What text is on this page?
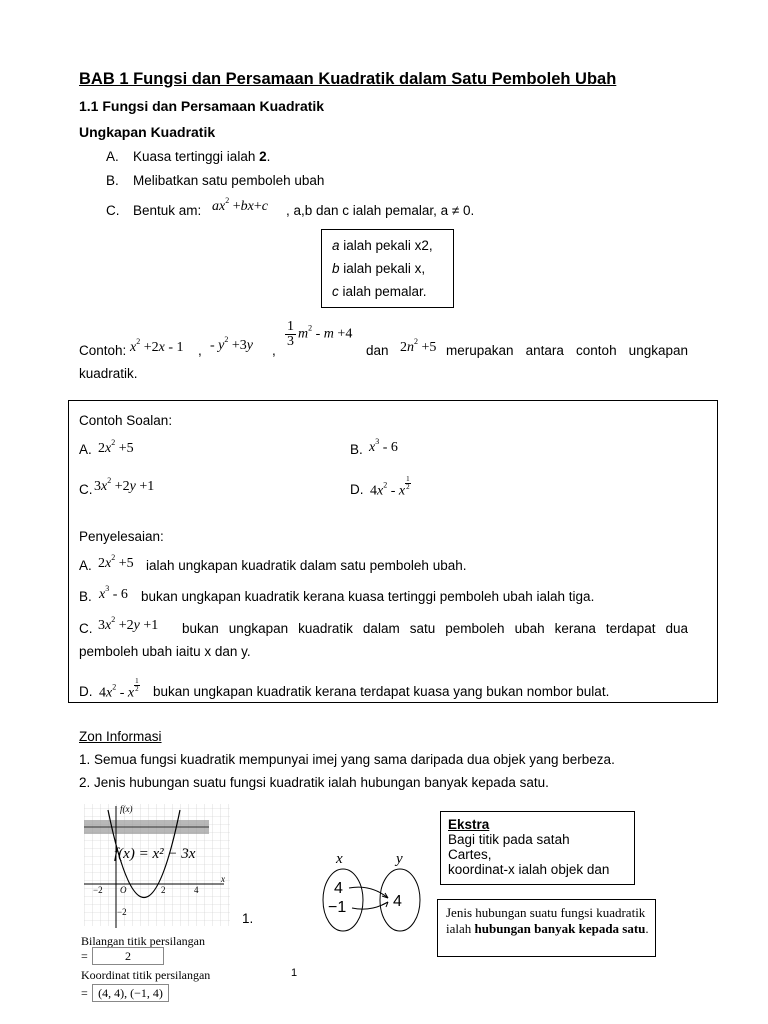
BAB 1 Fungsi dan Persamaan Kuadratik dalam Satu Pemboleh Ubah
1.1 Fungsi dan Persamaan Kuadratik
Ungkapan Kuadratik
A. Kuasa tertinggi ialah 2.
B. Melibatkan satu pemboleh ubah
C. Bentuk am: $ax^2 +bx+c$ , a,b dan c ialah pemalar, a ≠ 0.
a ialah pekali x2,
b ialah pekali x,
c ialah pemalar.
Contoh: $x^2 +2x - 1$ , - $y^2 +3y$ ,
$\frac{1}{3} m^2 - m +4$
dan $2n^2 +5$ merupakan antara contoh ungkapan
kuadratik.
Contoh Soalan:
A. $2x^2 +5$	B. $x^3 - 6$
C. $3x^2 +2y +1$	D. $4x^2$ - x $^{\frac{1}{2}}$
Penyelesaian:
A. $2x^2 +5$ ialah ungkapan kuadratik dalam satu pemboleh ubah.
B. $x^3 - 6$ bukan ungkapan kuadratik kerana kuasa tertinggi pemboleh ubah ialah tiga.
C. $3x^2 +2y +1$ bukan ungkapan kuadratik dalam satu pemboleh ubah kerana terdapat dua
pemboleh ubah iaitu x dan y.
D. $4x^2$ - x $^{\frac{1}{2}}$ bukan ungkapan kuadratik kerana terdapat kuasa yang bukan nombor bulat.
Zon Informasi
1. Semua fungsi kuadratik mempunyai imej yang sama daripada dua objek yang berbeza.
2. Jenis hubungan suatu fungsi kuadratik ialah hubungan banyak kepada satu.
f(x)
x
−2 O	2	4
−2
f(x) = x² − 3x
Bilangan titik persilangan
=	2
Koordinat titik persilangan
= (4, 4), (−1, 4)
1.
x	y
4
−1	4
Ekstra
Bagi titik pada satah
Cartes,
koordinat-x ialah objek dan
Jenis hubungan suatu fungsi kuadratik ialah hubungan banyak kepada satu.
1
